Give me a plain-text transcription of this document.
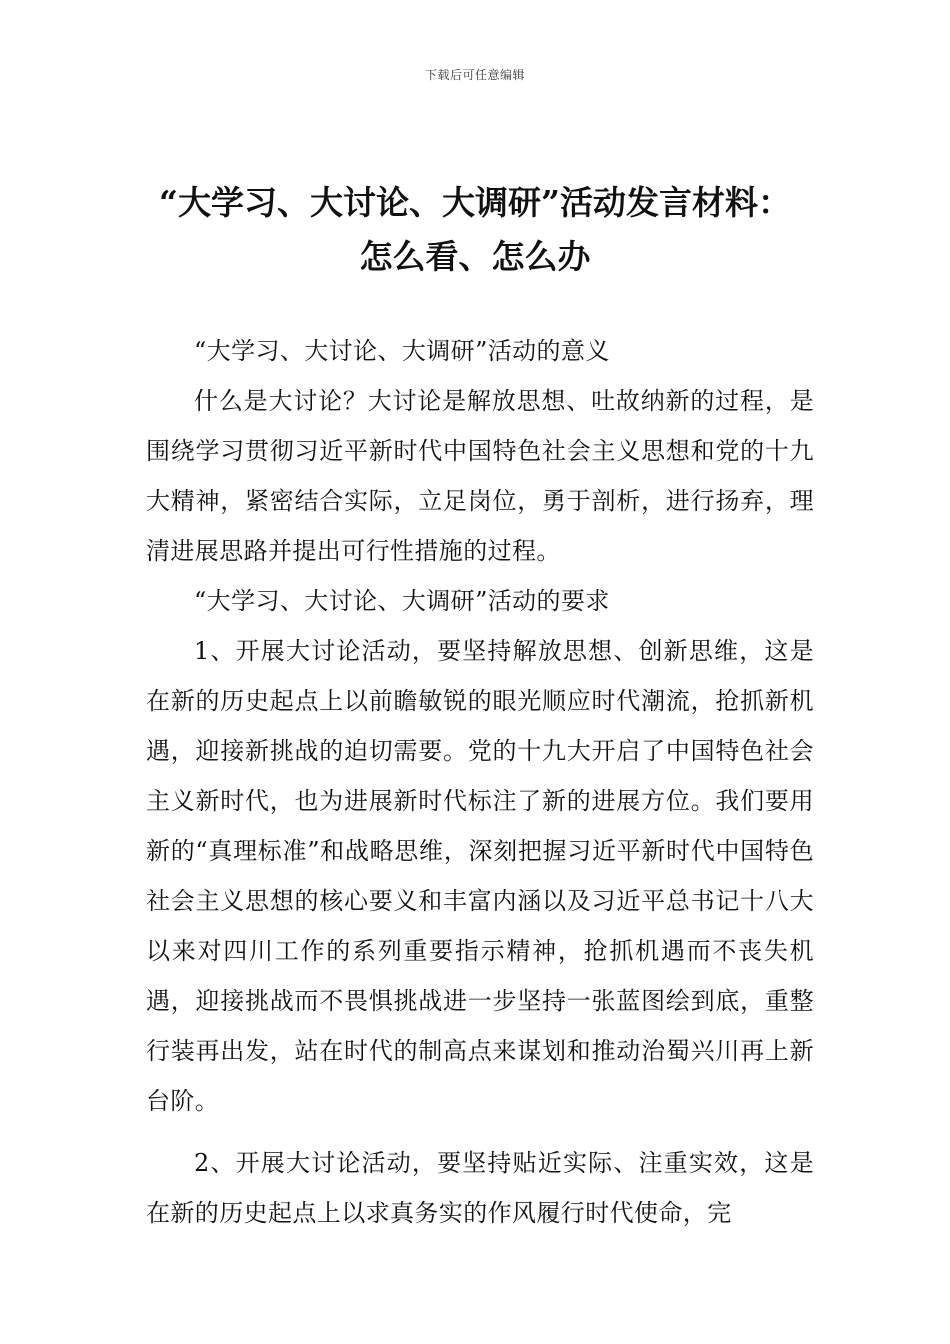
下载后可任意编辑
“大学习、大讨论、大调研”活动发言材料：
怎么看、怎么办

“大学习、大讨论、大调研”活动的意义

什么是大讨论？大讨论是解放思想、吐故纳新的过程，是围绕学习贯彻习近平新时代中国特色社会主义思想和党的十九大精神，紧密结合实际，立足岗位，勇于剖析，进行扬弃，理清进展思路并提出可行性措施的过程。

“大学习、大讨论、大调研”活动的要求

1、开展大讨论活动，要坚持解放思想、创新思维，这是在新的历史起点上以前瞻敏锐的眼光顺应时代潮流，抢抓新机遇，迎接新挑战的迫切需要。党的十九大开启了中国特色社会主义新时代，也为进展新时代标注了新的进展方位。我们要用新的“真理标准”和战略思维，深刻把握习近平新时代中国特色社会主义思想的核心要义和丰富内涵以及习近平总书记十八大以来对四川工作的系列重要指示精神，抢抓机遇而不丧失机遇，迎接挑战而不畏惧挑战进一步坚持一张蓝图绘到底，重整行装再出发，站在时代的制高点来谋划和推动治蜀兴川再上新台阶。

2、开展大讨论活动，要坚持贴近实际、注重实效，这是在新的历史起点上以求真务实的作风履行时代使命，完
